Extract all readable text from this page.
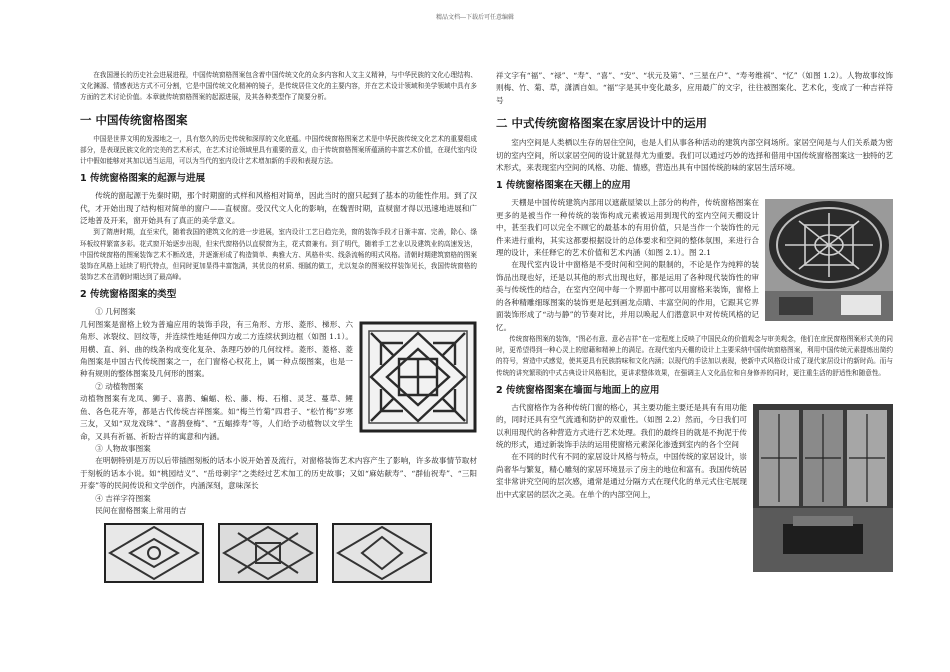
精品文档---下载后可任意编辑

在我国漫长的历史社会进展进程，中国传统窗格图案包含着中国传统文化的众多内容和人文主义精神，与中华民族的文化心理结构、文化渊源、情感表达方式不可分割，它是中国传统文化精神的镜子，是传统居住文化的主要内容，并在艺术设计领域和美学领域中具有多方面的艺术讨论价值。本章就传统窗格图案的起源进展，及其各种类型作了简要分析。

一 中国传统窗格图案

中国是世界文明的发源地之一，具有悠久的历史传统和深厚的文化底蕴。中国传统窗格图案艺术是中华民族传统文化艺术的重要组成部分，是表现民族文化的完美的艺术形式，在艺术讨论领域里具有重要的意义，由于传统窗格图案所蕴涵的丰富艺术价值，在现代室内设计中假如能够对其加以适当运用，可以为当代的室内设计艺术增加新的手段和表现方法。

1 传统窗格图案的起源与进展

传统的窗起源于先秦时期，那个时期窗的式样和风格相对简单，因此当时的窗只起到了基本的功能性作用。到了汉代，才开始出现了结构相对简单的窗户——直棂窗。受汉代文人化的影响，在魏晋时期，直棂窗才得以迅速地进展和广泛地普及开来，窗开始具有了真正的美学意义。

到了隋唐时期，直至宋代，随着我国的建筑文化的进一步进展，室内设计工艺日趋完美，窗的装饰手段才日渐丰富、完善，除心、绦环板纹样繁富多彩。花式窗开始逐步出现，但宋代窗格仍以直棂窗为主，花式窗兼有。到了明代，随着手工艺业以及建筑业的高速发达，中国传统窗格的图案装饰艺术不断改进，并逐渐形成了构造简单、典雅大方、风格朴实、线条流畅的明式风格。清朝时期建筑窗格的图案装饰在风格上延续了明代特点，但同时更加显得丰富饱满，其优良的材质、细腻的做工，尤以复杂的图案纹样装饰见长，我国传统窗格的装饰艺术在清朝时期达到了最高峰。

2 传统窗格图案的类型

① 几何图案

几何图案是窗格上较为普遍应用的装饰手段，有三角形、方形、菱形、梯形、六角形、冰裂纹、回纹等，并连续性地延伸四方或二方连续状到边框（如图 1.1）。用横、直、斜、曲的线条构成变化复杂、条理巧妙的几何纹样。菱形、菱格、菱角图案是中国古代传统图案之一，在门窗格心权花上，属一种点缀图案，也是一种有规则的整体图案及几何形的图案。

② 动植物图案

动植物图案有龙凤、狮子、喜鹊、蝙蝠、松、藤、梅、石榴、灵芝、蔓草、鲤鱼、各色花卉等，都是古代传统吉祥图案。如“梅兰竹菊”四君子、“松竹梅”岁寒三友，又如“双龙戏珠”、“喜鹊登梅”、“五蝠捧寿”等，人们给予动植物以文学生命，又具有祈福、祈盼吉祥的寓意和内涵。

③ 人物故事图案

在明朝特别是万历以后带插图刻板的话本小说开始普及流行，对窗格装饰艺术内容产生了影响，许多故事情节取材于刻板的话本小说。如“桃园结义”、“岳母刺字”之类经过艺术加工的历史故事；又如“麻姑献寿”、“群仙祝寿”、“三阳开泰”等的民间传说和文学创作，内涵深刻，意味深长

④ 吉祥字符图案

民间在窗格图案上常用的吉

祥文字有“福”、“禄”、“寿”、“喜”、“安”、“状元及第”、“三星在户”、“寿考维祺”、“忆”（如图 1.2）。人物故事纹饰则梅、竹、菊、草，潇洒自如。“福”字是其中变化最多，应用最广的文字，往往被图案化、艺术化，变成了一种吉祥符号

二 中式传统窗格图案在家居设计中的运用

室内空间是人类栖以生存的居住空间，也是人们从事各种活动的建筑内部空间场所。家居空间是与人们关系最为密切的室内空间，所以家居空间的设计就显得尤为重要。我们可以通过巧妙的选择和借用中国传统窗格图案这一独特的艺术形式，来表现室内空间的风格、功能、情感，营造出具有中国传统韵味的家居生活环境。

1 传统窗格图案在天棚上的应用

天棚是中国传统建筑内部用以遮蔽屋梁以上部分的构件，传统窗格图案在更多的是被当作一种传统的装饰构成元素被运用到现代的室内空间天棚设计中，甚至我们可以完全不顾它的最基本的有用价值，只是当作一个装饰性的元件来进行重构，其实这都要根据设计的总体要求和空间的整体氛围，来进行合理的设计，来任释它的艺术价值和艺术内涵（如图 2.1）。图 2.1

在现代室内设计中窗格是不受时间和空间的限制的，不论是作为纯粹的装饰品出现也好，还是以其他的形式出现也好，都是运用了各种现代装饰性的审美与传统性的结合，在室内空间中每一个界面中都可以用窗格来装饰，窗格上的各种精雕细琢图案的装饰更是起到画龙点睛、丰富空间的作用，它跟其它界面装饰形成了“动与静”的节奏对比，并用以唤起人们潜意识中对传统风格的记忆。

传统窗格图案的装饰，“图必有意、意必吉祥”在一定程度上反映了中国民众的价值观念与审美观念，他们在庶民窗格图案形式美的同时，更希望得到一种心灵上的慰藉和精神上的满足。在现代室内天棚的设计上主要采纳中国传统窗格图案，利用中国传统元素提炼出简约的符号，营造中式感觉，使其更具有民族韵味和文化内涵；以现代的手法加以表现，使新中式风格设计成了现代家居设计的新时尚。而与传统的讲究繁琐的中式古典设计风格相比，更讲求整体效果，在强调主人文化品位和自身修养的同时，更注重生活的舒适性和随意性。

2 传统窗格图案在墙面与地面上的应用

古代窗格作为各种传统门窗的格心，其主要功能主要还是具有有用功能的，同时还具有空气流通和防护的双重性。（如图 2.2）然而，今日我们可以利用现代的各种营造方式进行艺术处理。我们的最终目的就是不拘泥于传统的形式，通过新装饰手法的运用使窗格元素深化渗透到室内的各个空间

在不同的时代有不同的家居设计风格与特点，中国传统的家居设计，崇尚奢华与繁复，精心雕刻的家居环境显示了房主的地位和富有。我国传统居室非常讲究空间的层次感，通常是通过分隔方式在现代化的单元式住宅展现出中式家居的层次之美。在单个的内部空间上，
